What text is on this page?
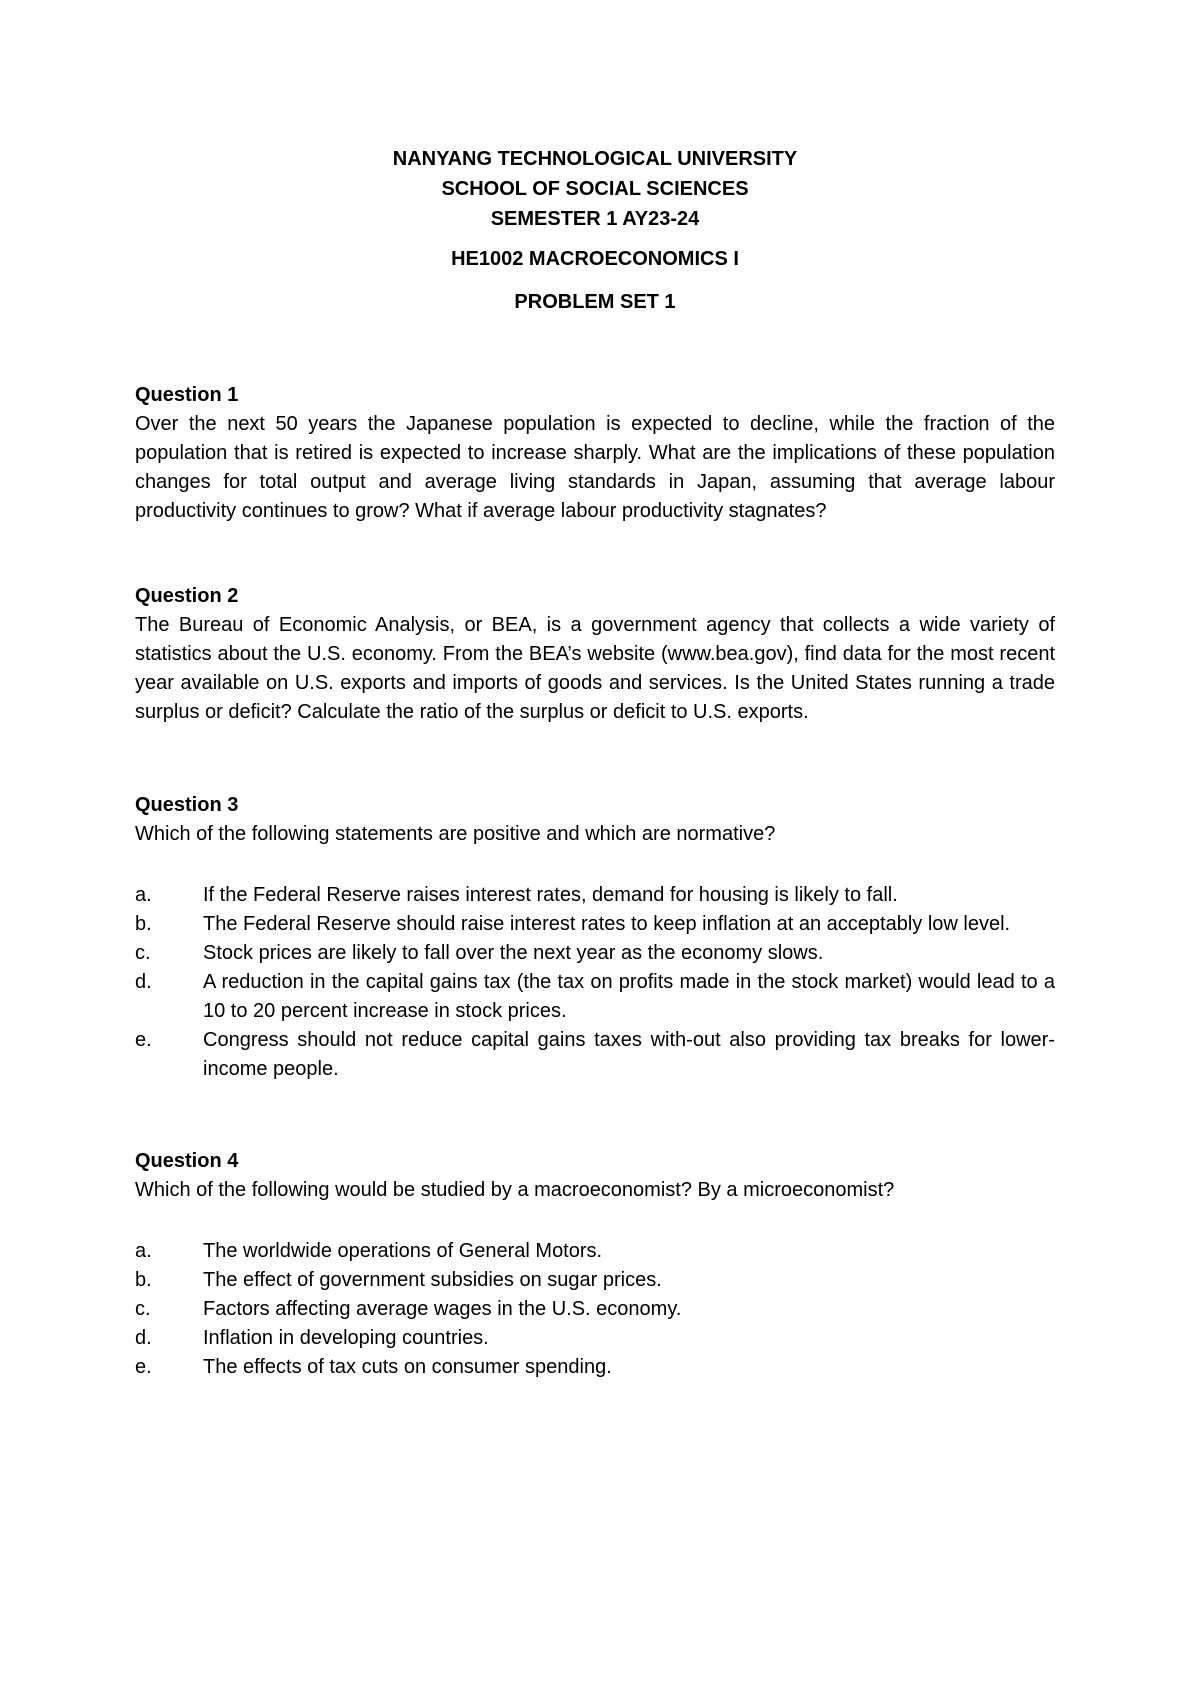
NANYANG TECHNOLOGICAL UNIVERSITY
SCHOOL OF SOCIAL SCIENCES
SEMESTER 1 AY23-24
HE1002 MACROECONOMICS I
PROBLEM SET 1
Question 1
Over the next 50 years the Japanese population is expected to decline, while the fraction of the population that is retired is expected to increase sharply. What are the implications of these population changes for total output and average living standards in Japan, assuming that average labour productivity continues to grow? What if average labour productivity stagnates?
Question 2
The Bureau of Economic Analysis, or BEA, is a government agency that collects a wide variety of statistics about the U.S. economy. From the BEA’s website (www.bea.gov), find data for the most recent year available on U.S. exports and imports of goods and services. Is the United States running a trade surplus or deficit? Calculate the ratio of the surplus or deficit to U.S. exports.
Question 3
Which of the following statements are positive and which are normative?
a.	If the Federal Reserve raises interest rates, demand for housing is likely to fall.
b.	The Federal Reserve should raise interest rates to keep inflation at an acceptably low level.
c.	Stock prices are likely to fall over the next year as the economy slows.
d.	A reduction in the capital gains tax (the tax on profits made in the stock market) would lead to a 10 to 20 percent increase in stock prices.
e.	Congress should not reduce capital gains taxes with-out also providing tax breaks for lower-income people.
Question 4
Which of the following would be studied by a macroeconomist? By a microeconomist?
a.	The worldwide operations of General Motors.
b.	The effect of government subsidies on sugar prices.
c.	Factors affecting average wages in the U.S. economy.
d.	Inflation in developing countries.
e.	The effects of tax cuts on consumer spending.
